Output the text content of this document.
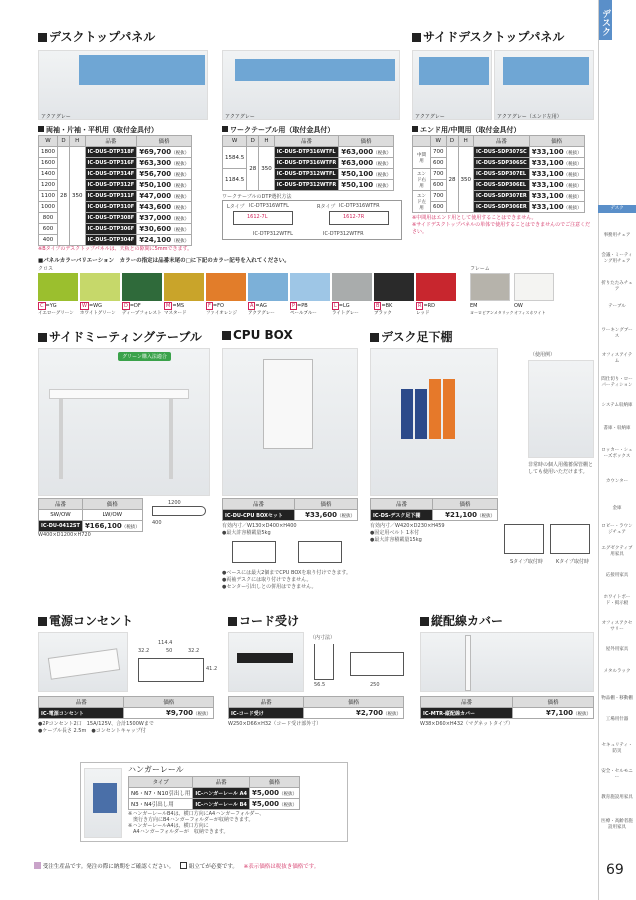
デスク
デスク
事務用チェア
会議・ミーティング用チェア
折りたたみチェア
テーブル
ワーキングブース
オフィスアイテム
間仕切り・ローパーティション
システム収納庫
書庫・収納庫
ロッカー・シューズボックス
カウンター
金庫
ロビー・ラウンジチェア
エグゼクティブ用家具
応接用家具
ホワイトボード・掲示板
オフィスアクセサリー
屋外用家具
メタルラック
物品棚・移動棚
工場用什器
セキュリティ・防災
安全・セルモニー
教育施設用家具
医療・高齢者施設用家具
デスクトップパネル
アクアグレー	アクアグレー
両袖・片袖・平机用（取付金具付）
W	D	H	品番	価格
1800	28	350	IC-DUS-DTP318F	¥69,700（税抜）
1600			IC-DUS-DTP316F	¥63,300（税抜）
1400			IC-DUS-DTP314F	¥56,700（税抜）
1200			IC-DUS-DTP312F	¥50,100（税抜）
1100			IC-DUS-DTP311F	¥47,000（税抜）
1000			IC-DUS-DTP310F	¥43,600（税抜）
800			IC-DUS-DTP308F	¥37,000（税抜）
600			IC-DUS-DTP306F	¥30,600（税抜）
400			IC-DUS-DTP304F	¥24,100（税抜）
※Bタイプのデスクトップパネルは、天板との隙間に5mmできます。
ワークテーブル用（取付金具付）
W	D	H	品番	価格
1584.5	28	350	IC-DUS-DTP316WTFL	¥63,000（税抜）
			IC-DUS-DTP316WTFR	¥63,000（税抜）
1184.5			IC-DUS-DTP312WTFL	¥50,100（税抜）
			IC-DUS-DTP312WTFR	¥50,100（税抜）
ワークテーブルのDTP選択方法
Lタイプ IC-DTP316WTFL	Rタイプ IC-DTP316WTFR
1612-7L	1612-7R
IC-DTP312WTFL	IC-DTP312WTFR
サイドデスクトップパネル
アクアグレー	アクアグレー（エンド左用）
エンド用/中間用（取付金具付）
	W	D	H	品番	価格
中間用	700	28	350	IC-DUS-SDP307SC	¥33,100（税抜）
	600			IC-DUS-SDP306SC	¥33,100（税抜）
エンド右用	700			IC-DUS-SDP307EL	¥33,100（税抜）
	600			IC-DUS-SDP306EL	¥33,100（税抜）
エンド左用	700			IC-DUS-SDP307ER	¥33,100（税抜）
	600			IC-DUS-SDP306ER	¥33,100（税抜）
※中間用はエンド用として使用することはできません。
※サイドデスクトップパネルの単体で使用することはできませんのでご注意ください。
■パネルカラーバリエーション　カラーの指定は品番末尾の□に下記のカラー記号を入れてください。
クロス	フレーム
C =YG
イエローグリーン
W =WG
ホワイトグリーン
D =DF
ディープフォレスト
M =MS
マスタード
F =FO
ファイオレンジ
A =AG
アクアグレー
P =PB
ペールブルー
L =LG
ライトグレー
B =BK
ブラック
R =RD
レッド
EM
ヨーロピアンメタリック
OW
オフィスホワイト
サイドミーティングテーブル
グリーン購入法適合
品番	価格
SW/OW	LW/OW
IC-DU-0412ST	¥166,100（税抜）
W400×D1200×H720
1200
400
CPU BOX
品番	価格
IC-DU-CPU BOXセット	¥33,600（税抜）
有効内寸／W130×D400×H400
●最大許容積載量5kg
●ベースには最大2個までCPU BOXを取り付けできます。
●両袖デスクには取り付けできません。
●センター引出しとの併用はできません。
デスク足下棚
（使用例）
非常時の個人用備蓄保管棚としても使用いただけます。
品番	価格
IC-DS-デスク足下棚	¥21,100（税抜）
有効内寸／W420×D230×H459
●固定用ベルト 1本付
●最大許容積載量15kg
Sタイプ取付時	Kタイプ取付時
電源コンセント
114.4
32.2	50	32.2
41.2
品番	価格
IC-電源コンセント	¥9,700（税抜）
●2Pコンセント2口　15A/125V、合計1500Wまで
●ケーブル長さ 2.5m　●コンセントキャップ付
コード受け
（内寸法）
56.5	250
品番	価格
IC-コード受け	¥2,700（税抜）
W250×D66×H32（コード受け部外寸）
縦配線カバー
品番	価格
IC-MTR-縦配線カバー	¥7,100（税抜）
W38×D60×H432（マグネットタイプ）
ハンガーレール
タイプ	品番	価格
N6・N7・N10引出し用	IC-ハンガーレール A4	¥5,000（税抜）
N3・N4引出し用	IC-ハンガーレール B4	¥5,000（税抜）
※ハンガーレールB4は、横口方向にA4ハンガーフォルダー、
　奥行き方向にB4ハンガーフォルダーが収納できます。
※ハンガーレールA4は、横口方向に
　A4ハンガーフォルダーが　収納できます。
受注生産品です。発注の際に納期をご確認ください。	組立てが必要です。 ※表示価格は税抜き価格です。	69
